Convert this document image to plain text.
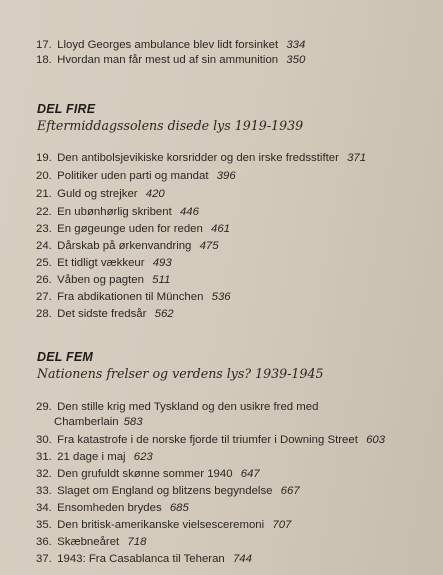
17. Lloyd Georges ambulance blev lidt forsinket 334
18. Hvordan man får mest ud af sin ammunition 350
DEL FIRE
Eftermiddagssolens disede lys 1919-1939
19. Den antibolsjevikiske korsridder og den irske fredsstifter 371
20. Politiker uden parti og mandat 396
21. Guld og strejker 420
22. En ubønhørlig skribent 446
23. En gøgeunge uden for reden 461
24. Dårskab på ørkenvandring 475
25. Et tidligt vækkeur 493
26. Våben og pagten 511
27. Fra abdikationen til München 536
28. Det sidste fredsår 562
DEL FEM
Nationens frelser og verdens lys? 1939-1945
29. Den stille krig med Tyskland og den usikre fred med
Chamberlain 583
30. Fra katastrofe i de norske fjorde til triumfer i Downing Street 603
31. 21 dage i maj 623
32. Den grufuldt skønne sommer 1940 647
33. Slaget om England og blitzens begyndelse 667
34. Ensomheden brydes 685
35. Den britisk-amerikanske vielsesceremoni 707
36. Skæbneåret 718
37. 1943: Fra Casablanca til Teheran 744
